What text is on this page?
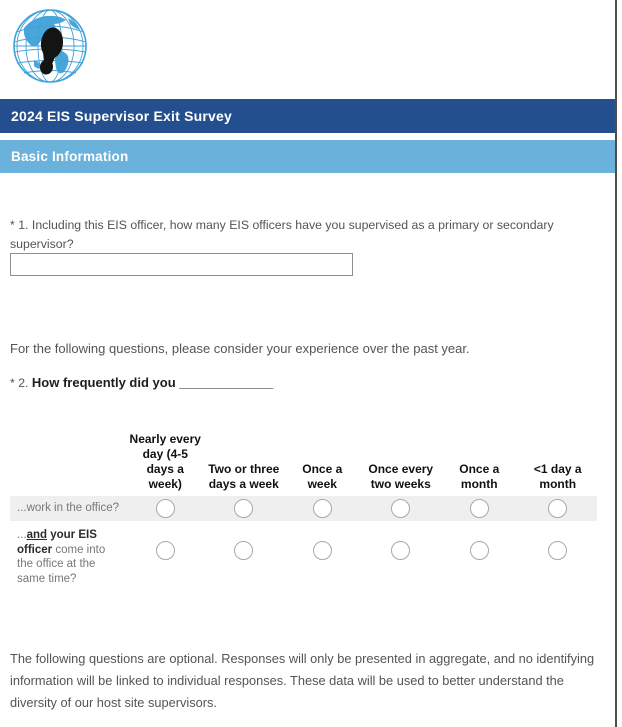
2024 EIS Supervisor Exit Survey
Basic Information
* 1. Including this EIS officer, how many EIS officers have you supervised as a primary or secondary supervisor?
For the following questions, please consider your experience over the past year.
* 2. How frequently did you _____________
Nearly every day (4-5 days a week)
Two or three days a week
Once a week
Once every two weeks
Once a month
<1 day a month
...work in the office?
...and your EIS officer come into the office at the same time?
The following questions are optional. Responses will only be presented in aggregate, and no identifying information will be linked to individual responses. These data will be used to better understand the diversity of our host site supervisors.
